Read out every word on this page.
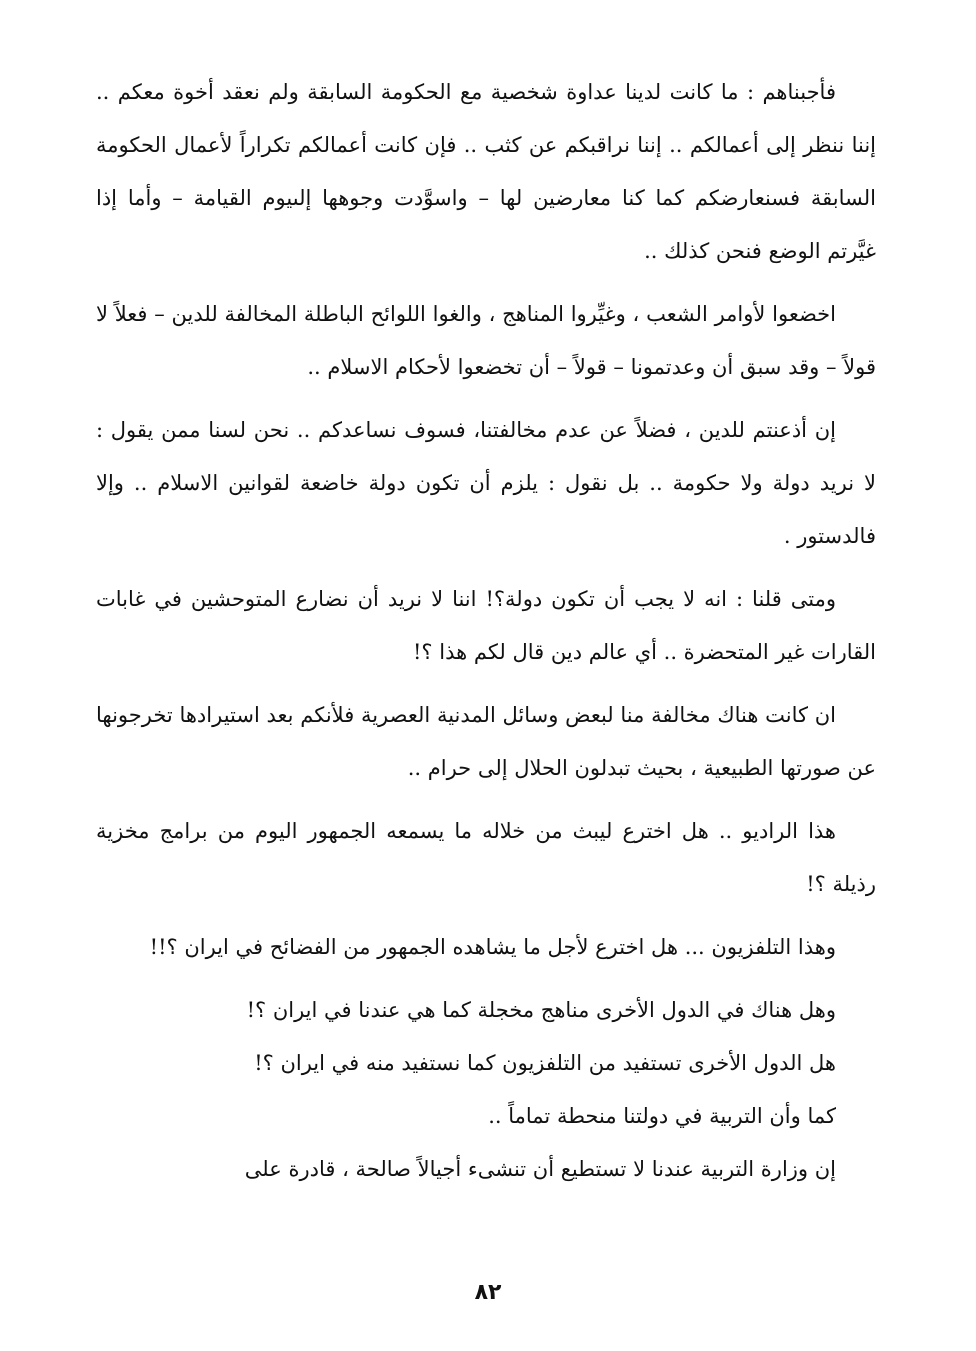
فأجبناهم : ما كانت لدينا عداوة شخصية مع الحكومة السابقة ولم نعقد أخوة معكم .. إننا ننظر إلى أعمالكم .. إننا نراقبكم عن كثب .. فإن كانت أعمالكم تكراراً لأعمال الحكومة السابقة فسنعارضكم كما كنا معارضين لها – واسوَّدت وجوهها إلىيوم القيامة – وأما إذا غيَّرتم الوضع فنحن كذلك ..

اخضعوا لأوامر الشعب ، وغيِّروا المناهج ، والغوا اللوائح الباطلة المخالفة للدين – فعلاً لا قولاً – وقد سبق أن وعدتمونا – قولاً – أن تخضعوا لأحكام الاسلام ..

إن أذعنتم للدين ، فضلاً عن عدم مخالفتنا، فسوف نساعدكم .. نحن لسنا ممن يقول : لا نريد دولة ولا حكومة .. بل نقول : يلزم أن تكون دولة خاضعة لقوانين الاسلام .. وإلا فالدستور .

ومتى قلنا : انه لا يجب أن تكون دولة؟! اننا لا نريد أن نضارع المتوحشين في غابات القارات غير المتحضرة .. أي عالم دين قال لكم هذا ؟!

ان كانت هناك مخالفة منا لبعض وسائل المدنية العصرية فلأنكم بعد استيرادها تخرجونها عن صورتها الطبيعية ، بحيث تبدلون الحلال إلى حرام ..

هذا الراديو .. هل اخترع ليبث من خلاله ما يسمعه الجمهور اليوم من برامج مخزية رذيلة ؟!

وهذا التلفزيون ... هل اخترع لأجل ما يشاهده الجمهور من الفضائح في ايران ؟!!

وهل هناك في الدول الأخرى مناهج مخجلة كما هي عندنا في ايران ؟!

هل الدول الأخرى تستفيد من التلفزيون كما نستفيد منه في ايران ؟!

كما وأن التربية في دولتنا منحطة تماماً ..

إن وزارة التربية عندنا لا تستطيع أن تنشىء أجيالاً صالحة ، قادرة على

٨٢
